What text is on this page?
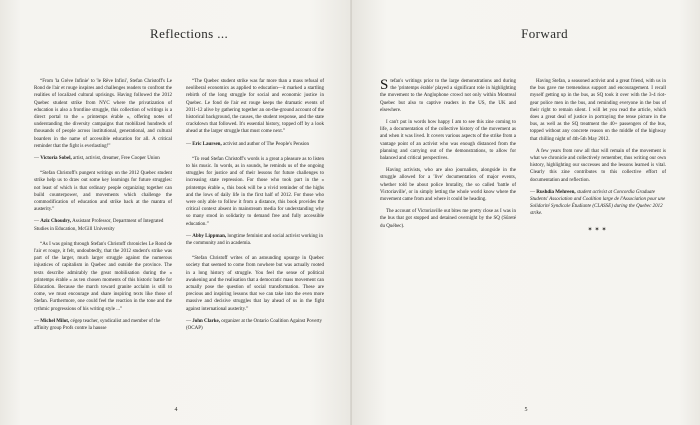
Reflections ...

“From 'la Grève Infinie' to 'le Rêve Infini', Stefan Christoff's Le Rond de l'air et rouge inspires and challenges readers to confront the realities of localized cultural uprisings. Having followed the 2012 Quebec student strike from NYC where the privatization of education is also a frontline struggle, this collection of writings is a direct portal to the « printemps érable », offering notes of understanding the diversity campaigns that mobilized hundreds of thousands of people across institutional, generational, and cultural boarders in the name of accessible education for all. A critical reminder that the fight is everlasting!”

— Victoria Sobel, artist, activist, dreamer, Free Cooper Union

“Stefan Christoff's pungent writings on the 2012 Quebec student strike help us to draw out some key learnings for future struggles: not least of which is that ordinary people organizing together can build counterpower, and movements which challenge the commodification of education and strike back at the mantra of austerity.”

— Aziz Choudry, Assistant Professor, Department of Integrated Studies in Education, McGill University

“As I was going through Stefan's Christoff chronicles Le Rond de l'air et rouge, it felt, undoubtedly, that the 2012 student's strike was part of the larger, much larger struggle against the numerous injustices of capitalism in Quebec and outside the province. The texts describe admirably the great mobilisation during the « printemps érable » as ten chosen moments of this historic battle for Education. Because the march toward granite acclaim is still to come, we must encourage and share inspiring texts like those of Stefan. Furthermore, one could feel the reaction in the tone and the rythmic progressions of his writing style ...”

— Michel Milot, cégep teacher, syndicalist and member of the affinity group Profs contre la hausse

“The Quebec student strike was far more than a mass refusal of neoliberal economics as applied to education—it marked a startling rebirth of the long struggle for social and economic justice in Quebec. Le fond de l'air est rouge keeps the dramatic events of 2011-12 alive by gathering together an on-the-ground account of the historical background, the causes, the student response, and the state crackdown that followed. It's essential history, topped off by a look ahead at the larger struggle that must come next.”

— Eric Laursen, activist and author of The People's Pension

“To read Stefan Christoff's words is a great a pleasure as to listen to his music. In words, as in sounds, he reminds us of the ongoing struggles for justice and of their lessons for future challenges to increasing state repression. For those who took part in the « printemps érable », this book will be a vivid reminder of the highs and the lows of daily life in the first half of 2012. For those who were only able to follow it from a distance, this book provides the critical context absent in mainstream media for understanding why so many stood in solidarity to demand free and fully accessible education.”

— Abby Lippman, longtime feminist and social activist working in the community and in academia.

“Stefan Christoff writes of an astounding upsurge in Quebec society that seemed to come from nowhere but was actually rooted in a long history of struggle. You feel the sense of political awakening and the realisation that a democratic mass movement can actually pose the question of social transformation. These are precious and inspiring lessons that we can take into the even more massive and decisive struggles that lay ahead of us in the fight against international austerity.”

— John Clarke, organizer at the Ontario Coalition Against Poverty (OCAP)

4
Forward

Stefan's writings prior to the large demonstrations and during the 'printemps érable' played a significant role in highlighting the movement to the Anglophone crowd not only within Montreal Quebec but also to captive readers in the US, the UK and elsewhere.

I can't put in words how happy I am to see this zine coming to life, a documentation of the collective history of the movement as and when it was lived. It covers various aspects of the strike from a vantage point of an activist who was enough distanced from the planning and carrying out of the demonstrations, to allow for balanced and critical perspectives.

Having activists, who are also journalists, alongside in the struggle allowed for a 'live' documentation of major events, whether told be about police brutality, the so called 'battle of Victoriaville', or in simply letting the whole world know where the movement came from and where it could be heading.

The account of Victoriaville out bites me pretty close as I was in the bus that got stopped and detained overnight by the SQ (Sûreté du Québec).

Having Stefan, a seasoned activist and a great friend, with us in the bus gave me tremendous support and encouragement. I recall myself getting up in the bus, as SQ took it over with the 3-4 riot-gear police men in the bus, and reminding everyone in the bus of their right to remain silent. I will let you read the article, which does a great deal of justice in portraying the tense picture in the bus, as well as the SQ treatment the 40+ passengers of the bus, topped without any concrete reason on the middle of the highway that chilling night of 4th-5th May 2012.

A few years from now all that will remain of the movement is what we chronicle and collectively remember, thus writing our own history, highlighting our successes and the lessons learned is vital. Clearly this zine contributes to this collective effort of documentation and reflection.

— Rushdia Mehreen, student activist at Concordia Graduate Students' Association and Coalition large de l'Association pour une Solidarité Syndicale Étudiante (CLASSE) during the Quebec 2012 strike.

✶✶✶
5
